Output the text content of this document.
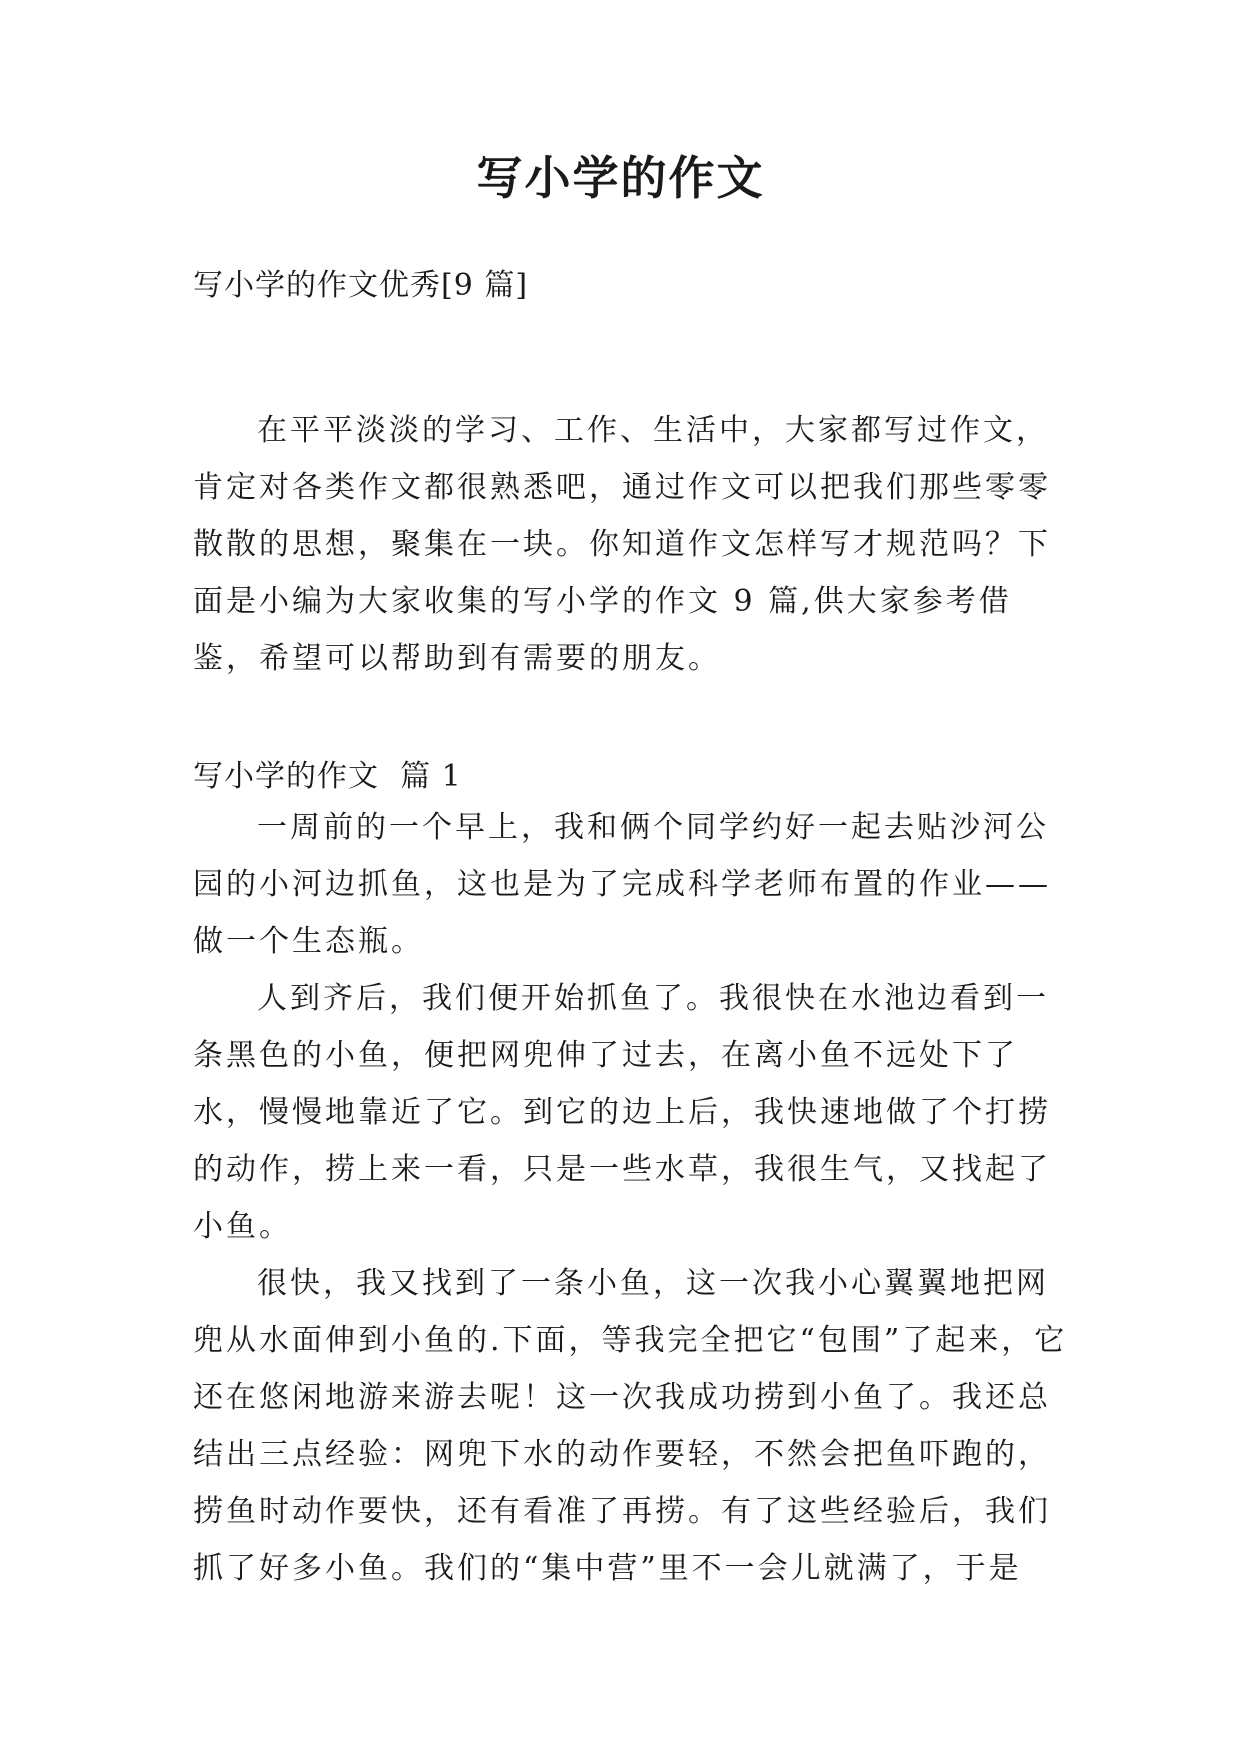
写小学的作文
写小学的作文优秀[9 篇]

在平平淡淡的学习、工作、生活中，大家都写过作文，肯定对各类作文都很熟悉吧，通过作文可以把我们那些零零散散的思想，聚集在一块。你知道作文怎样写才规范吗？下面是小编为大家收集的写小学的作文 9 篇,供大家参考借鉴，希望可以帮助到有需要的朋友。

写小学的作文  篇 1

一周前的一个早上，我和俩个同学约好一起去贴沙河公园的小河边抓鱼，这也是为了完成科学老师布置的作业——做一个生态瓶。

人到齐后，我们便开始抓鱼了。我很快在水池边看到一条黑色的小鱼，便把网兜伸了过去，在离小鱼不远处下了水，慢慢地靠近了它。到它的边上后，我快速地做了个打捞的动作，捞上来一看，只是一些水草，我很生气，又找起了小鱼。

很快，我又找到了一条小鱼，这一次我小心翼翼地把网兜从水面伸到小鱼的.下面，等我完全把它“包围”了起来，它还在悠闲地游来游去呢！这一次我成功捞到小鱼了。我还总结出三点经验：网兜下水的动作要轻，不然会把鱼吓跑的，捞鱼时动作要快，还有看准了再捞。有了这些经验后，我们抓了好多小鱼。我们的“集中营”里不一会儿就满了，于是
